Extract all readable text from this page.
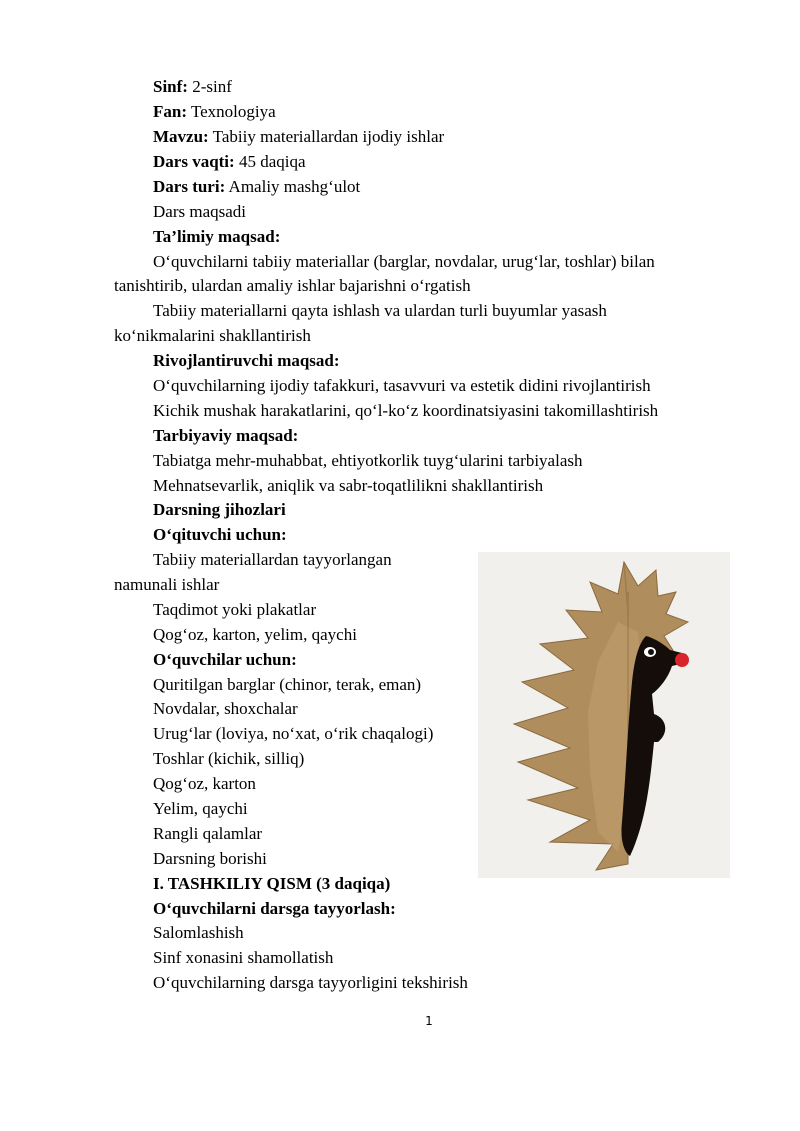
Sinf: 2-sinf
Fan: Texnologiya
Mavzu: Tabiiy materiallardan ijodiy ishlar
Dars vaqti: 45 daqiqa
Dars turi: Amaliy mashg‘ulot
Dars maqsadi
Ta’limiy maqsad:
O‘quvchilarni tabiiy materiallar (barglar, novdalar, urug‘lar, toshlar) bilan
tanishtirib, ulardan amaliy ishlar bajarishni o‘rgatish
Tabiiy materiallarni qayta ishlash va ulardan turli buyumlar yasash
ko‘nikmalarini shakllantirish
Rivojlantiruvchi maqsad:
O‘quvchilarning ijodiy tafakkuri, tasavvuri va estetik didini rivojlantirish
Kichik mushak harakatlarini, qo‘l-ko‘z koordinatsiyasini takomillashtirish
Tarbiyaviy maqsad:
Tabiatga mehr-muhabbat, ehtiyotkorlik tuyg‘ularini tarbiyalash
Mehnatsevarlik, aniqlik va sabr-toqatlilikni shakllantirish
Darsning jihozlari
O‘qituvchi uchun:
Tabiiy materiallardan tayyorlangan
namunali ishlar
Taqdimot yoki plakatlar
Qog‘oz, karton, yelim, qaychi
O‘quvchilar uchun:
Quritilgan barglar (chinor, terak, eman)
Novdalar, shoxchalar
Urug‘lar (loviya, no‘xat, o‘rik chaqalogi)
Toshlar (kichik, silliq)
Qog‘oz, karton
Yelim, qaychi
Rangli qalamlar
Darsning borishi
I. TASHKILIY QISM (3 daqiqa)
O‘quvchilarni darsga tayyorlash:
Salomlashish
Sinf xonasini shamollatish
O‘quvchilarning darsga tayyorligini tekshirish
1
